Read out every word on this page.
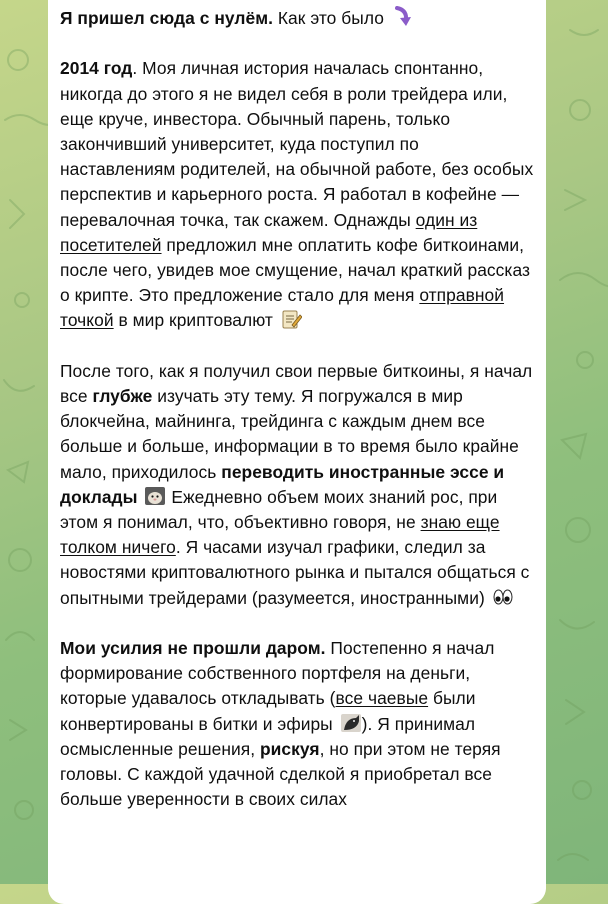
Я пришел сюда с нулём. Как это было

2014 год. Моя личная история началась спонтанно, никогда до этого я не видел себя в роли трейдера или, еще круче, инвестора. Обычный парень, только закончивший университет, куда поступил по наставлениям родителей, на обычной работе, без особых перспектив и карьерного роста. Я работал в кофейне — перевалочная точка, так скажем. Однажды один из посетителей предложил мне оплатить кофе биткоинами, после чего, увидев мое смущение, начал краткий рассказ о крипте. Это предложение стало для меня отправной точкой в мир криптовалют

После того, как я получил свои первые биткоины, я начал все глубже изучать эту тему. Я погружался в мир блокчейна, майнинга, трейдинга с каждым днем все больше и больше, информации в то время было крайне мало, приходилось переводить иностранные эссе и доклады
Ежедневно объем моих знаний рос, при этом я понимал, что, объективно говоря, не знаю еще толком ничего. Я часами изучал графики, следил за новостями криптовалютного рынка и пытался общаться с опытными трейдерами (разумеется, иностранными)

Мои усилия не прошли даром. Постепенно я начал формирование собственного портфеля на деньги, которые удавалось откладывать (все чаевые были конвертированы в битки и эфиры ). Я принимал осмысленные решения, рискуя, но при этом не теряя головы. С каждой удачной сделкой я приобретал все больше уверенности в своих силах
